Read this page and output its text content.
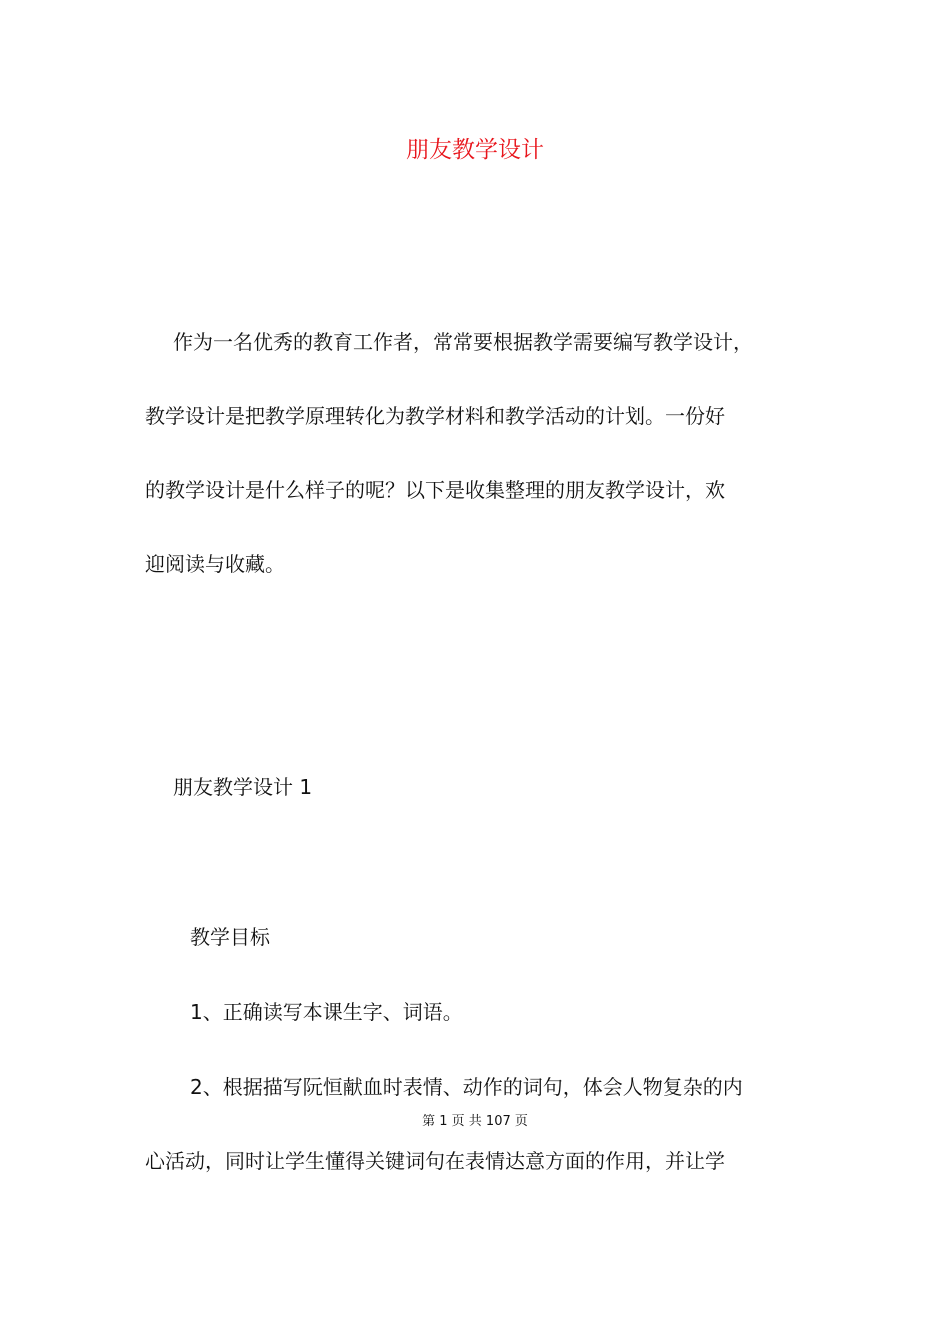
朋友教学设计
作为一名优秀的教育工作者，常常要根据教学需要编写教学设计，
教学设计是把教学原理转化为教学材料和教学活动的计划。一份好
的教学设计是什么样子的呢？以下是收集整理的朋友教学设计，欢
迎阅读与收藏。
朋友教学设计 1
教学目标
1、正确读写本课生字、词语。
2、根据描写阮恒献血时表情、动作的词句，体会人物复杂的内
第 1 页 共 107 页
心活动，同时让学生懂得关键词句在表情达意方面的作用，并让学
